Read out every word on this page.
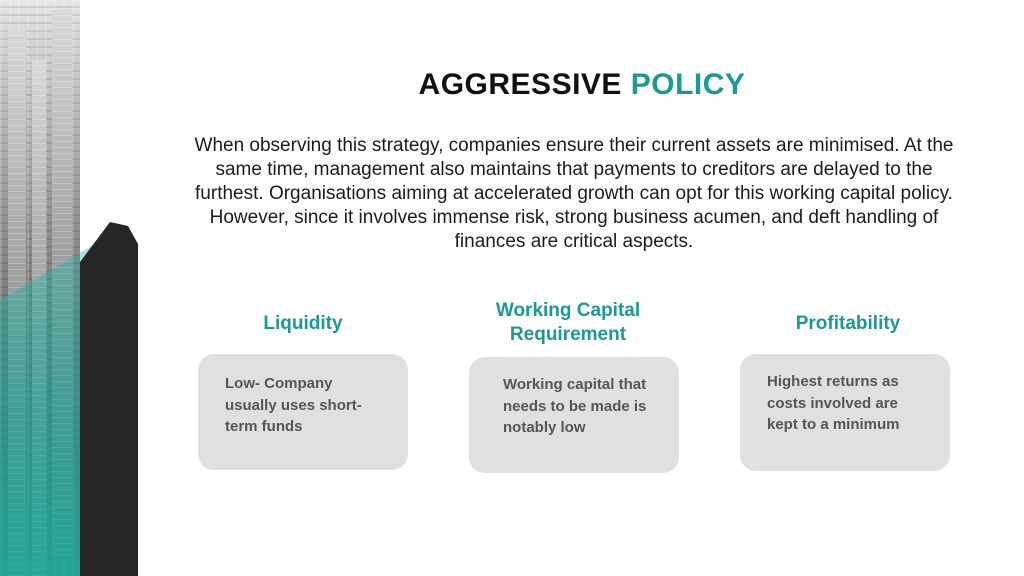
AGGRESSIVE POLICY
When observing this strategy, companies ensure their current assets are minimised. At the same time, management also maintains that payments to creditors are delayed to the furthest. Organisations aiming at accelerated growth can opt for this working capital policy. However, since it involves immense risk, strong business acumen, and deft handling of finances are critical aspects.
Liquidity
Working Capital Requirement
Profitability
Low- Company usually uses short-term funds
Working capital that needs to be made is notably low
Highest returns as costs involved are kept to a minimum
